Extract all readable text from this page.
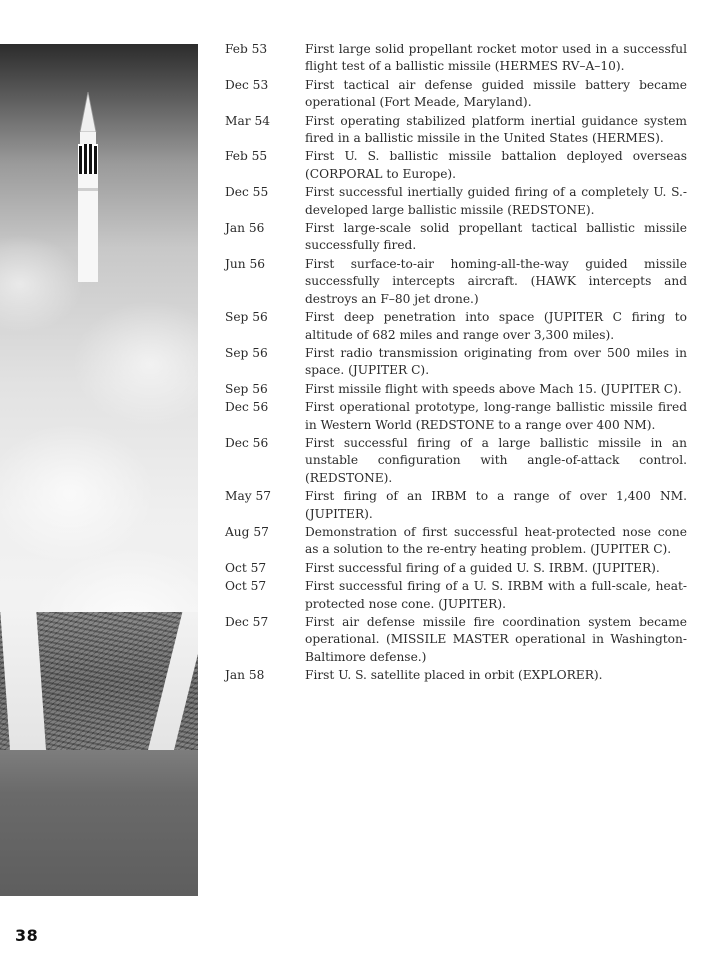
Feb 53	First large solid propellant rocket motor used in a successful flight test of a ballistic missile (HERMES RV–A–10).
Dec 53	First tactical air defense guided missile battery became operational (Fort Meade, Maryland).
Mar 54	First operating stabilized platform inertial guidance system fired in a ballistic missile in the United States (HERMES).
Feb 55	First U. S. ballistic missile battalion deployed overseas (CORPORAL to Europe).
Dec 55	First successful inertially guided firing of a completely U. S.-developed large ballistic missile (REDSTONE).
Jan 56	First large-scale solid propellant tactical ballistic missile successfully fired.
Jun 56	First surface-to-air homing-all-the-way guided missile successfully intercepts aircraft. (HAWK intercepts and destroys an F–80 jet drone.)
Sep 56	First deep penetration into space (JUPITER C firing to altitude of 682 miles and range over 3,300 miles).
Sep 56	First radio transmission originating from over 500 miles in space. (JUPITER C).
Sep 56	First missile flight with speeds above Mach 15. (JUPITER C).
Dec 56	First operational prototype, long-range ballistic missile fired in Western World (REDSTONE to a range over 400 NM).
Dec 56	First successful firing of a large ballistic missile in an unstable configuration with angle-of-attack control. (REDSTONE).
May 57	First firing of an IRBM to a range of over 1,400 NM. (JUPITER).
Aug 57	Demonstration of first successful heat-protected nose cone as a solution to the re-entry heating problem. (JUPITER C).
Oct 57	First successful firing of a guided U. S. IRBM. (JUPITER).
Oct 57	First successful firing of a U. S. IRBM with a full-scale, heat-protected nose cone. (JUPITER).
Dec 57	First air defense missile fire coordination system became operational. (MISSILE MASTER operational in Washington-Baltimore defense.)
Jan 58	First U. S. satellite placed in orbit (EXPLORER).
38
